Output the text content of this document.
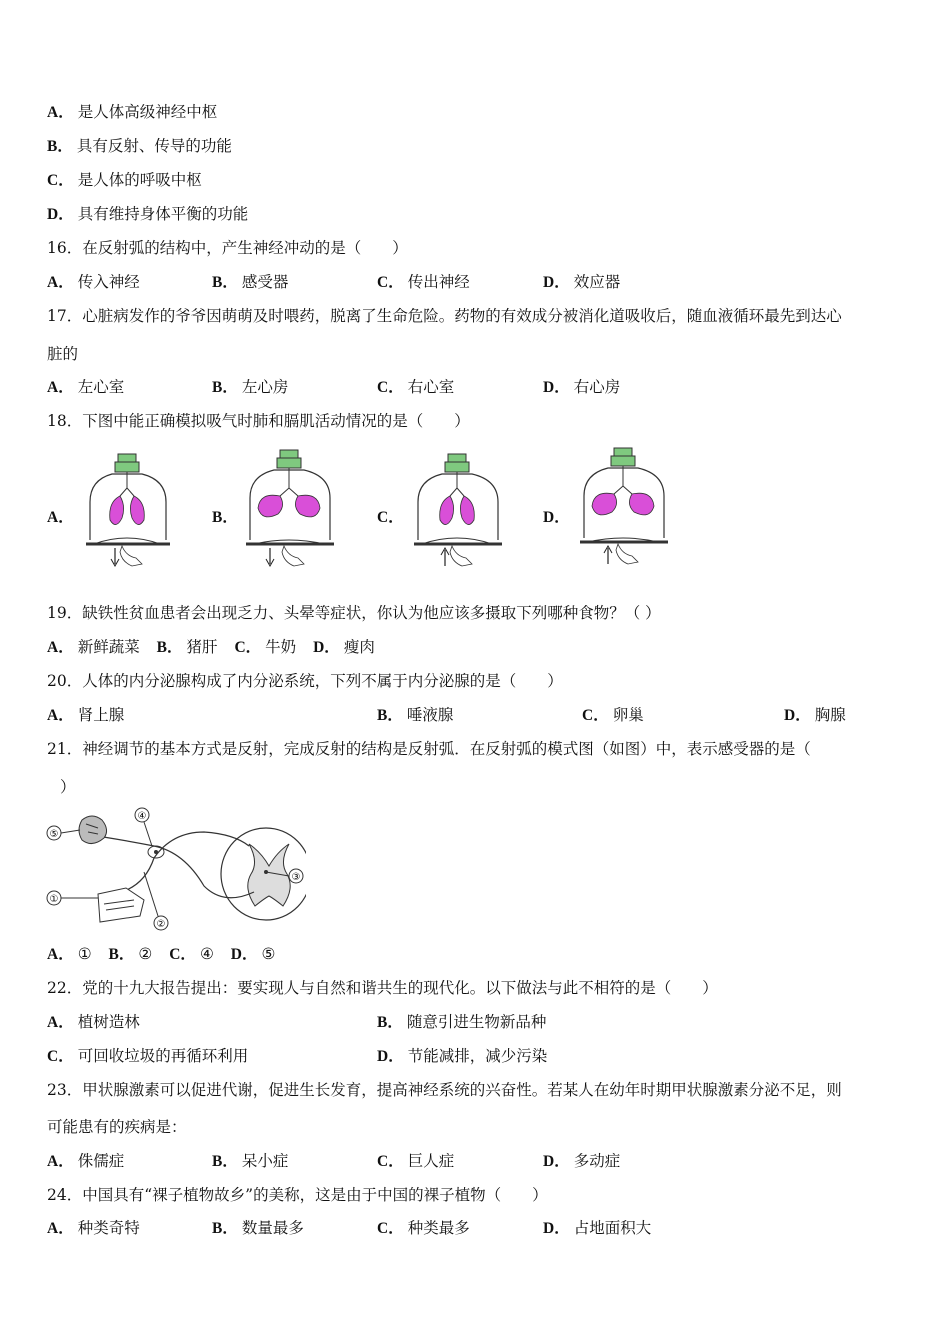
A． 是人体高级神经中枢
B． 具有反射、传导的功能
C． 是人体的呼吸中枢
D． 具有维持身体平衡的功能
16．在反射弧的结构中，产生神经冲动的是（　　）
A． 传入神经	B． 感受器	C． 传出神经	D． 效应器
17．心脏病发作的爷爷因萌萌及时喂药，脱离了生命危险。药物的有效成分被消化道吸收后，随血液循环最先到达心
脏的
A． 左心室	B． 左心房	C． 右心室	D． 右心房
18．下图中能正确模拟吸气时肺和膈肌活动情况的是（　　）
A．	B．	C．	D．
19．缺铁性贫血患者会出现乏力、头晕等症状，你认为他应该多摄取下列哪种食物？（ ）
A． 新鲜蔬菜 B． 猪肝 C． 牛奶 D． 瘦肉
20．人体的内分泌腺构成了内分泌系统，下列不属于内分泌腺的是（　　）
A． 肾上腺	B． 唾液腺	C． 卵巢	D． 胸腺
21．神经调节的基本方式是反射，完成反射的结构是反射弧．在反射弧的模式图（如图）中，表示感受器的是（
）
⑤
④
①
②
③
A． ① B． ② C． ④ D． ⑤
22．党的十九大报告提出：要实现人与自然和谐共生的现代化。以下做法与此不相符的是（　　）
A． 植树造林	B． 随意引进生物新品种
C． 可回收垃圾的再循环利用	D． 节能减排，减少污染
23．甲状腺激素可以促进代谢，促进生长发育，提高神经系统的兴奋性。若某人在幼年时期甲状腺激素分泌不足，则
可能患有的疾病是：
A． 侏儒症	B． 呆小症	C． 巨人症	D． 多动症
24．中国具有“裸子植物故乡”的美称，这是由于中国的裸子植物（　　）
A． 种类奇特	B． 数量最多	C． 种类最多	D． 占地面积大
